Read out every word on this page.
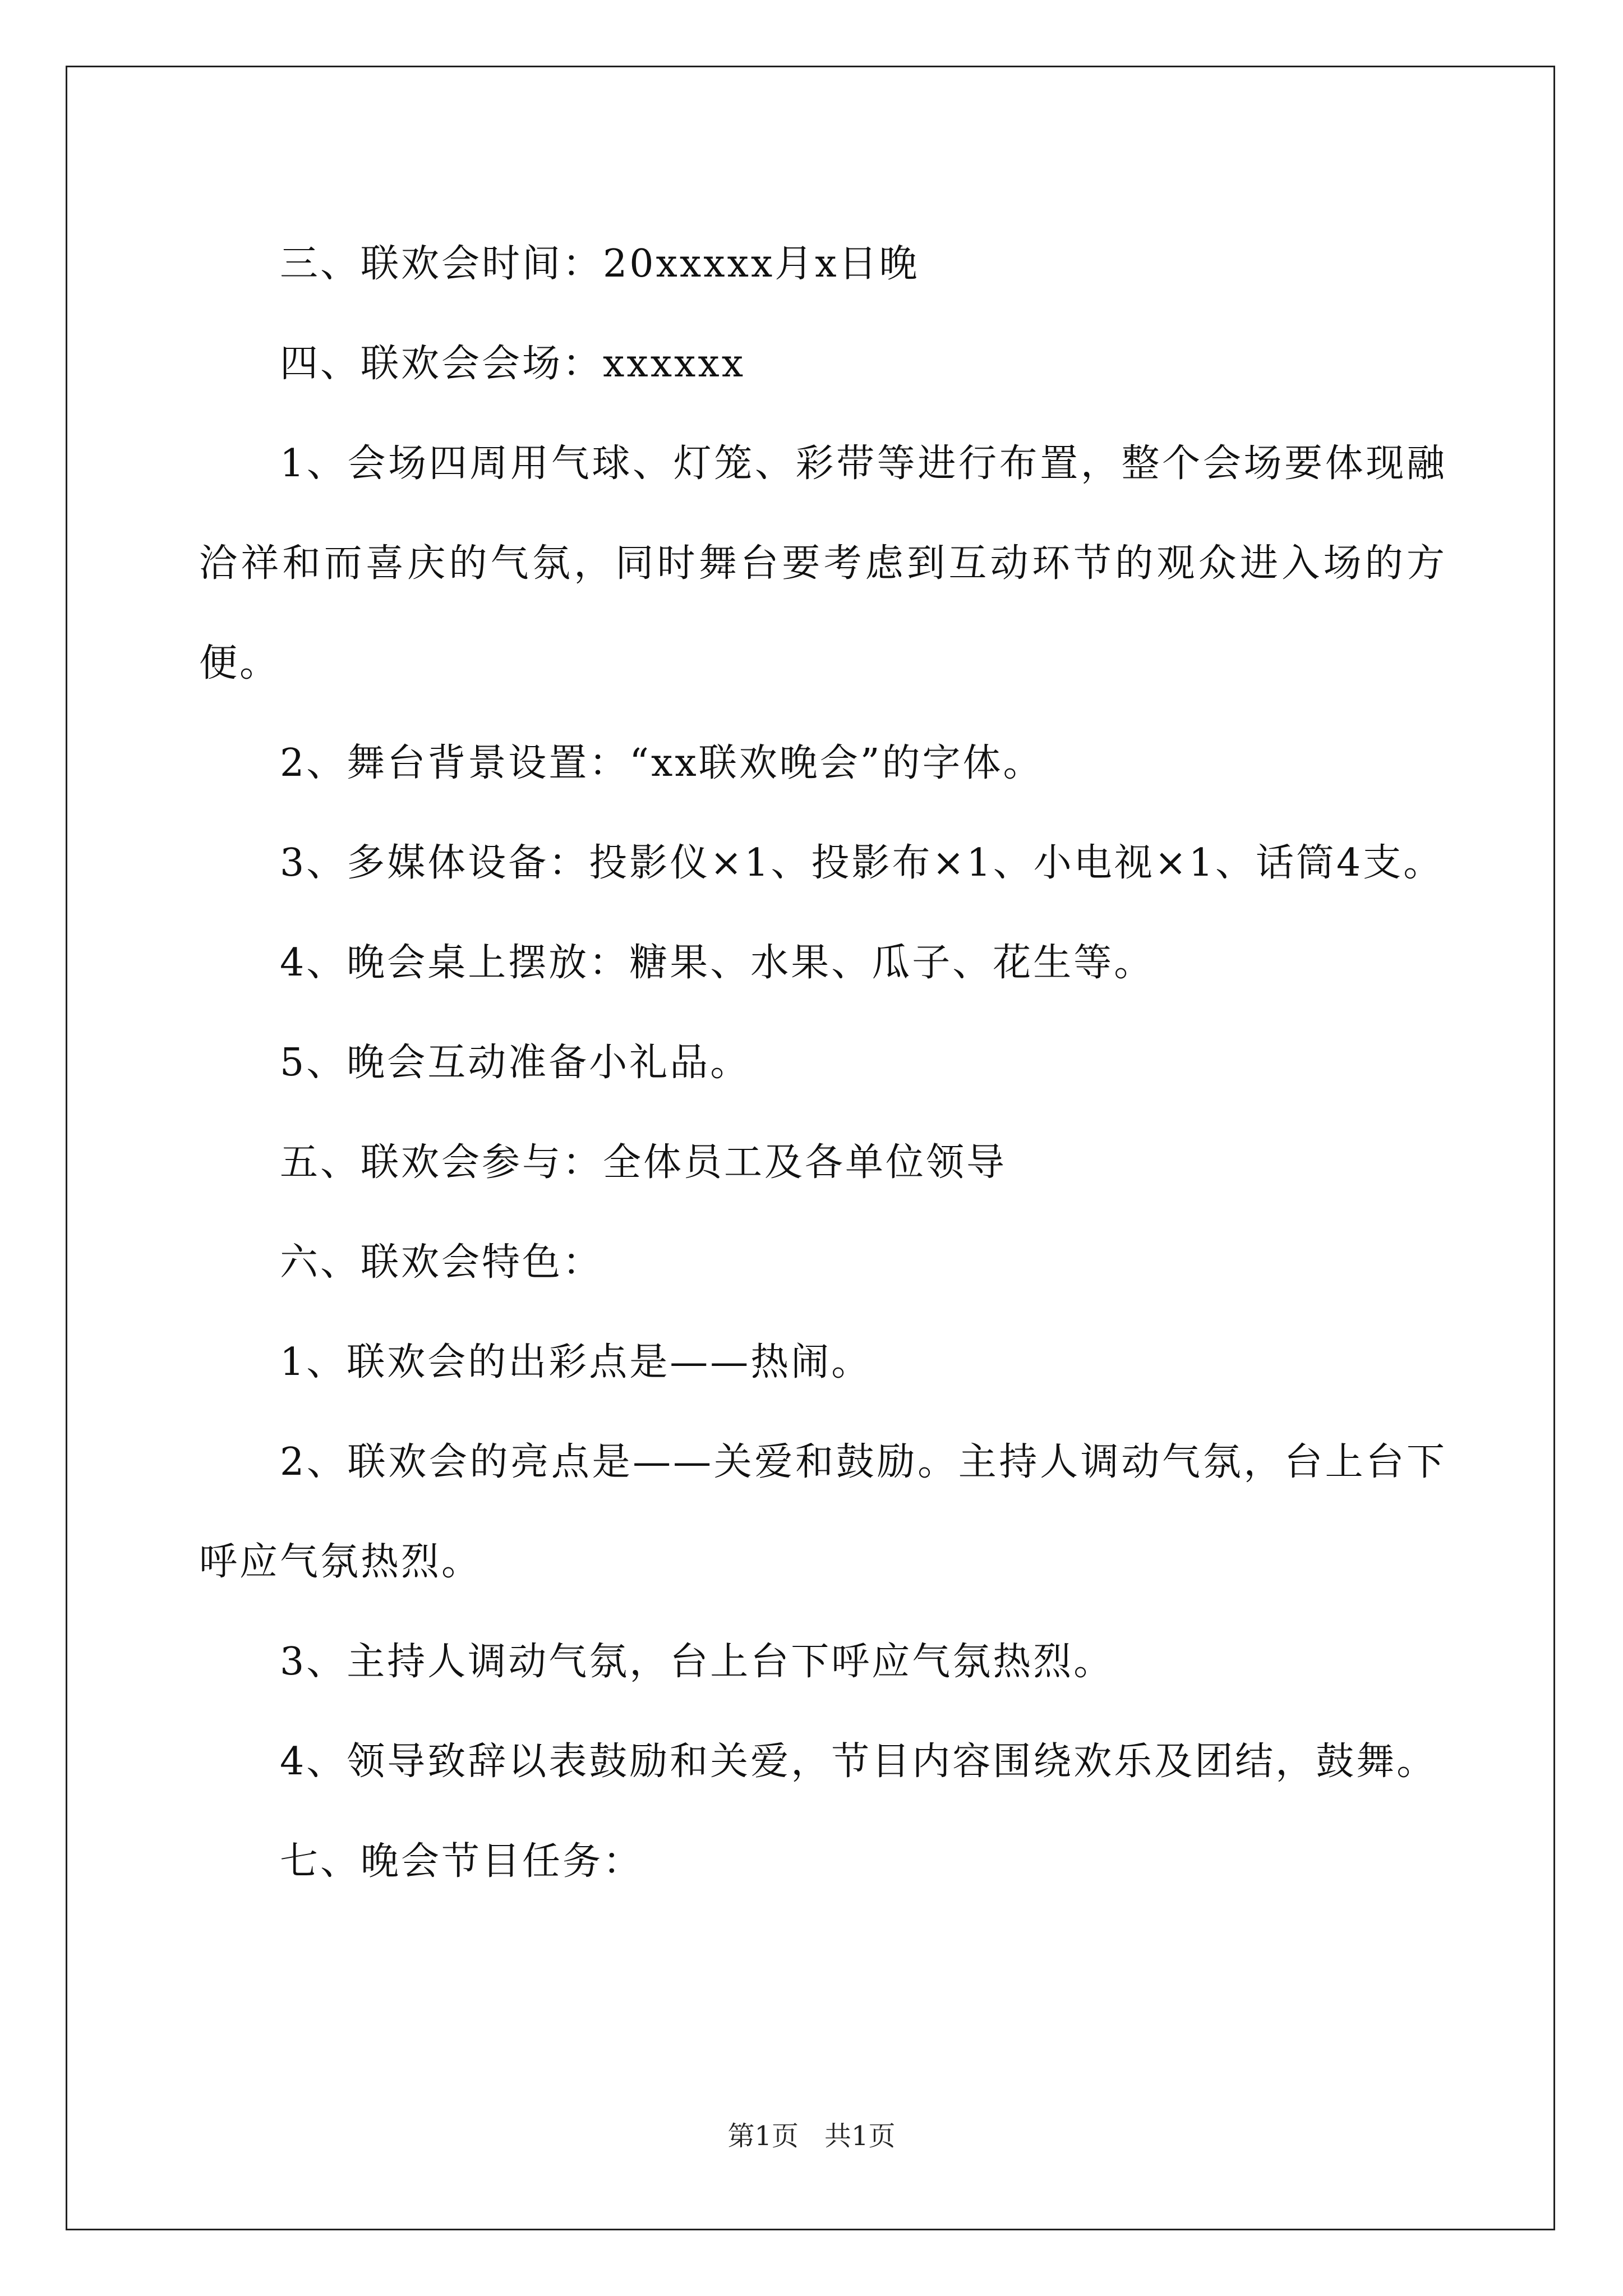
三、联欢会时间：20xxxxx月x日晚

四、联欢会会场：xxxxxx

1、会场四周用气球、灯笼、彩带等进行布置，整个会场要体现融洽祥和而喜庆的气氛，同时舞台要考虑到互动环节的观众进入场的方便。

2、舞台背景设置：“xx联欢晚会”的字体。

3、多媒体设备：投影仪×1、投影布×1、小电视×1、话筒4支。

4、晚会桌上摆放：糖果、水果、瓜子、花生等。

5、晚会互动准备小礼品。

五、联欢会参与：全体员工及各单位领导

六、联欢会特色：

1、联欢会的出彩点是——热闹。

2、联欢会的亮点是——关爱和鼓励。主持人调动气氛，台上台下呼应气氛热烈。

3、主持人调动气氛，台上台下呼应气氛热烈。

4、领导致辞以表鼓励和关爱，节目内容围绕欢乐及团结，鼓舞。

七、晚会节目任务：

第1页 共1页
